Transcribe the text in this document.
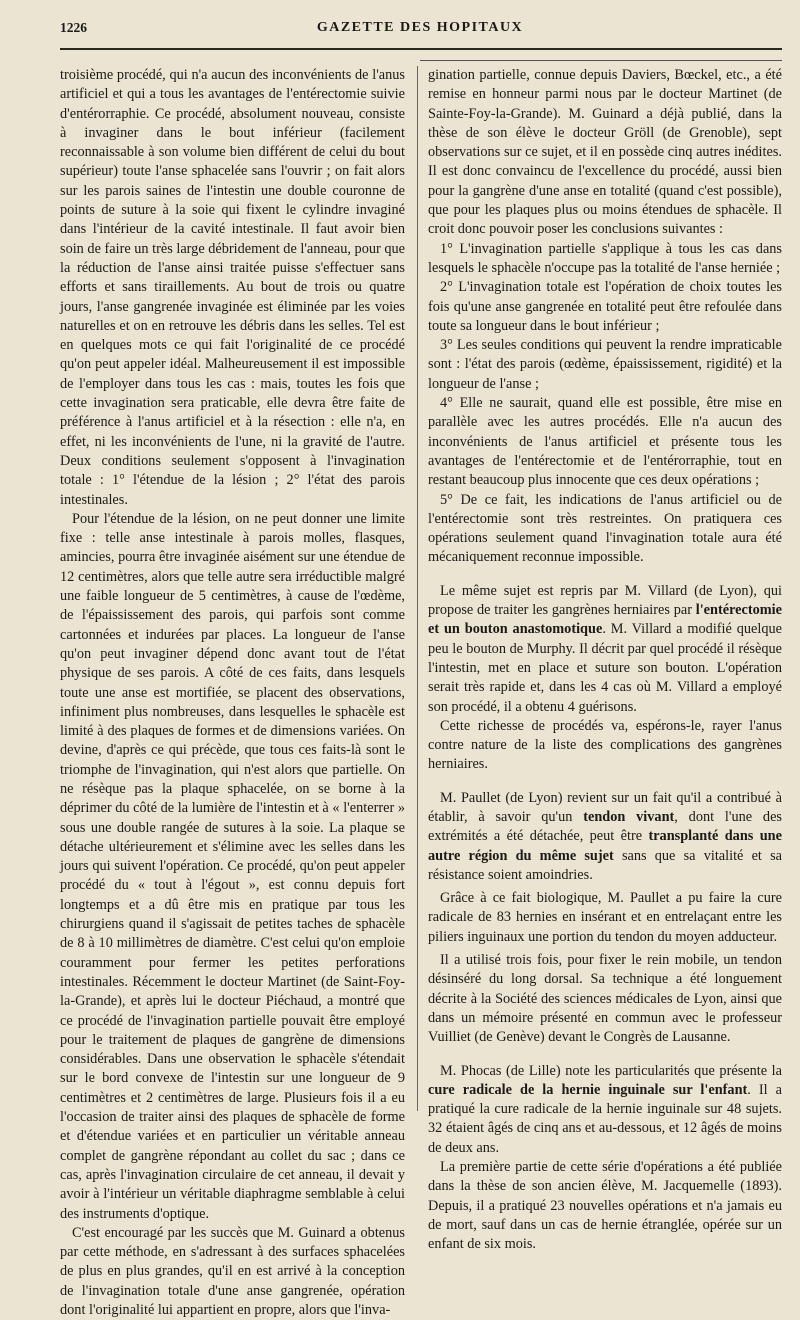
1226	GAZETTE DES HOPITAUX

troisième procédé, qui n'a aucun des inconvénients de l'anus artificiel et qui a tous les avantages de l'entérectomie suivie d'entérorraphie. Ce procédé, absolument nouveau, consiste à invaginer dans le bout inférieur (facilement reconnaissable à son volume bien différent de celui du bout supérieur) toute l'anse sphacelée sans l'ouvrir ; on fait alors sur les parois saines de l'intestin une double couronne de points de suture à la soie qui fixent le cylindre invaginé dans l'intérieur de la cavité intestinale. Il faut avoir bien soin de faire un très large débridement de l'anneau, pour que la réduction de l'anse ainsi traitée puisse s'effectuer sans efforts et sans tiraillements. Au bout de trois ou quatre jours, l'anse gangrenée invaginée est éliminée par les voies naturelles et on en retrouve les débris dans les selles. Tel est en quelques mots ce qui fait l'originalité de ce procédé qu'on peut appeler idéal. Malheureusement il est impossible de l'employer dans tous les cas : mais, toutes les fois que cette invagination sera praticable, elle devra être faite de préférence à l'anus artificiel et à la résection : elle n'a, en effet, ni les inconvénients de l'une, ni la gravité de l'autre. Deux conditions seulement s'opposent à l'invagination totale : 1° l'étendue de la lésion ; 2° l'état des parois intestinales.

Pour l'étendue de la lésion, on ne peut donner une limite fixe : telle anse intestinale à parois molles, flasques, amincies, pourra être invaginée aisément sur une étendue de 12 centimètres, alors que telle autre sera irréductible malgré une faible longueur de 5 centimètres, à cause de l'œdème, de l'épaississement des parois, qui parfois sont comme cartonnées et indurées par places. La longueur de l'anse qu'on peut invaginer dépend donc avant tout de l'état physique de ses parois. A côté de ces faits, dans lesquels toute une anse est mortifiée, se placent des observations, infiniment plus nombreuses, dans lesquelles le sphacèle est limité à des plaques de formes et de dimensions variées. On devine, d'après ce qui précède, que tous ces faits-là sont le triomphe de l'invagination, qui n'est alors que partielle. On ne résèque pas la plaque sphacelée, on se borne à la déprimer du côté de la lumière de l'intestin et à « l'enterrer » sous une double rangée de sutures à la soie. La plaque se détache ultérieurement et s'élimine avec les selles dans les jours qui suivent l'opération. Ce procédé, qu'on peut appeler procédé du « tout à l'égout », est connu depuis fort longtemps et a dû être mis en pratique par tous les chirurgiens quand il s'agissait de petites taches de sphacèle de 8 à 10 millimètres de diamètre. C'est celui qu'on emploie couramment pour fermer les petites perforations intestinales. Récemment le docteur Martinet (de Saint-Foy-la-Grande), et après lui le docteur Piéchaud, a montré que ce procédé de l'invagination partielle pouvait être employé pour le traitement de plaques de gangrène de dimensions considérables. Dans une observation le sphacèle s'étendait sur le bord convexe de l'intestin sur une longueur de 9 centimètres et 2 centimètres de large. Plusieurs fois il a eu l'occasion de traiter ainsi des plaques de sphacèle de forme et d'étendue variées et en particulier un véritable anneau complet de gangrène répondant au collet du sac ; dans ce cas, après l'invagination circulaire de cet anneau, il devait y avoir à l'intérieur un véritable diaphragme semblable à celui des instruments d'optique.

C'est encouragé par les succès que M. Guinard a obtenus par cette méthode, en s'adressant à des surfaces sphacelées de plus en plus grandes, qu'il en est arrivé à la conception de l'invagination totale d'une anse gangrenée, opération dont l'originalité lui appartient en propre, alors que l'inva-

gination partielle, connue depuis Daviers, Bœckel, etc., a été remise en honneur parmi nous par le docteur Martinet (de Sainte-Foy-la-Grande). M. Guinard a déjà publié, dans la thèse de son élève le docteur Gröll (de Grenoble), sept observations sur ce sujet, et il en possède cinq autres inédites. Il est donc convaincu de l'excellence du procédé, aussi bien pour la gangrène d'une anse en totalité (quand c'est possible), que pour les plaques plus ou moins étendues de sphacèle. Il croit donc pouvoir poser les conclusions suivantes :

1° L'invagination partielle s'applique à tous les cas dans lesquels le sphacèle n'occupe pas la totalité de l'anse herniée ;

2° L'invagination totale est l'opération de choix toutes les fois qu'une anse gangrenée en totalité peut être refoulée dans toute sa longueur dans le bout inférieur ;

3° Les seules conditions qui peuvent la rendre impraticable sont : l'état des parois (œdème, épaississement, rigidité) et la longueur de l'anse ;

4° Elle ne saurait, quand elle est possible, être mise en parallèle avec les autres procédés. Elle n'a aucun des inconvénients de l'anus artificiel et présente tous les avantages de l'entérectomie et de l'entérorraphie, tout en restant beaucoup plus innocente que ces deux opérations ;

5° De ce fait, les indications de l'anus artificiel ou de l'entérectomie sont très restreintes. On pratiquera ces opérations seulement quand l'invagination totale aura été mécaniquement reconnue impossible.

Le même sujet est repris par M. Villard (de Lyon), qui propose de traiter les gangrènes herniaires par l'entérectomie et un bouton anastomotique. M. Villard a modifié quelque peu le bouton de Murphy. Il décrit par quel procédé il résèque l'intestin, met en place et suture son bouton. L'opération serait très rapide et, dans les 4 cas où M. Villard a employé son procédé, il a obtenu 4 guérisons.

Cette richesse de procédés va, espérons-le, rayer l'anus contre nature de la liste des complications des gangrènes herniaires.

M. Paullet (de Lyon) revient sur un fait qu'il a contribué à établir, à savoir qu'un tendon vivant, dont l'une des extrémités a été détachée, peut être transplanté dans une autre région du même sujet sans que sa vitalité et sa résistance soient amoindries.

Grâce à ce fait biologique, M. Paullet a pu faire la cure radicale de 83 hernies en insérant et en entrelaçant entre les piliers inguinaux une portion du tendon du moyen adducteur.

Il a utilisé trois fois, pour fixer le rein mobile, un tendon désinséré du long dorsal. Sa technique a été longuement décrite à la Société des sciences médicales de Lyon, ainsi que dans un mémoire présenté en commun avec le professeur Vuilliet (de Genève) devant le Congrès de Lausanne.

M. Phocas (de Lille) note les particularités que présente la cure radicale de la hernie inguinale sur l'enfant. Il a pratiqué la cure radicale de la hernie inguinale sur 48 sujets. 32 étaient âgés de cinq ans et au-dessous, et 12 âgés de moins de deux ans.

La première partie de cette série d'opérations a été publiée dans la thèse de son ancien élève, M. Jacquemelle (1893). Depuis, il a pratiqué 23 nouvelles opérations et n'a jamais eu de mort, sauf dans un cas de hernie étranglée, opérée sur un enfant de six mois.
